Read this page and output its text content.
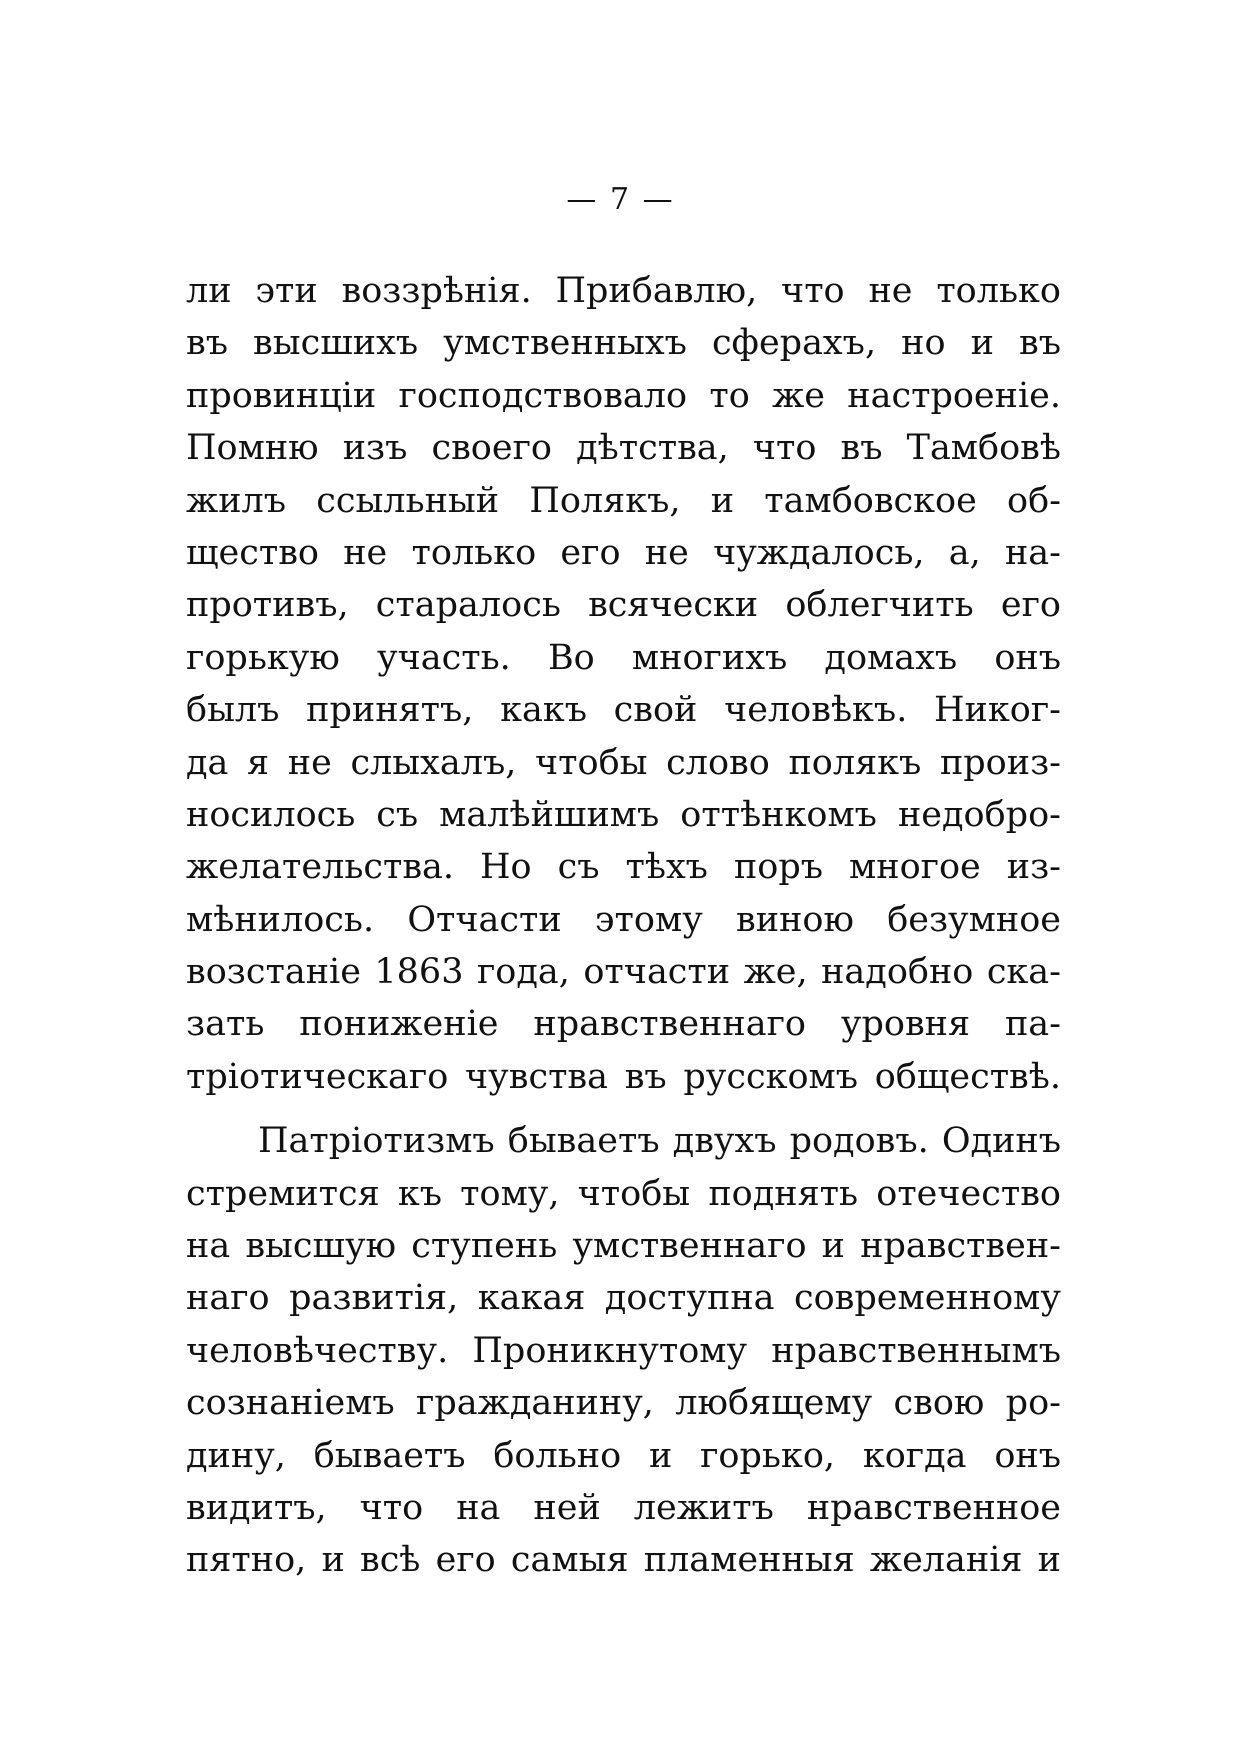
— 7 —
ли эти воззрѣнія. Прибавлю, что не только
въ высшихъ умственныхъ сферахъ, но и въ
провинціи господствовало то же настроеніе.
Помню изъ своего дѣтства, что въ Тамбовѣ
жилъ ссыльный Полякъ, и тамбовское об-
щество не только его не чуждалось, а, на-
противъ, старалось всячески облегчить его
горькую участь. Во многихъ домахъ онъ
былъ принятъ, какъ свой человѣкъ. Никог-
да я не слыхалъ, чтобы слово полякъ произ-
носилось съ малѣйшимъ оттѣнкомъ недобро-
желательства. Но съ тѣхъ поръ многое из-
мѣнилось. Отчасти этому виною безумное
возстаніе 1863 года, отчасти же, надобно ска-
зать пониженіе нравственнаго уровня па-
тріотическаго чувства въ русскомъ обществѣ.
Патріотизмъ бываетъ двухъ родовъ. Одинъ
стремится къ тому, чтобы поднять отечество
на высшую ступень умственнаго и нравствен-
наго развитія, какая доступна современному
человѣчеству. Проникнутому нравственнымъ
сознаніемъ гражданину, любящему свою ро-
дину, бываетъ больно и горько, когда онъ
видитъ, что на ней лежитъ нравственное
пятно, и всѣ его самыя пламенныя желанія и
